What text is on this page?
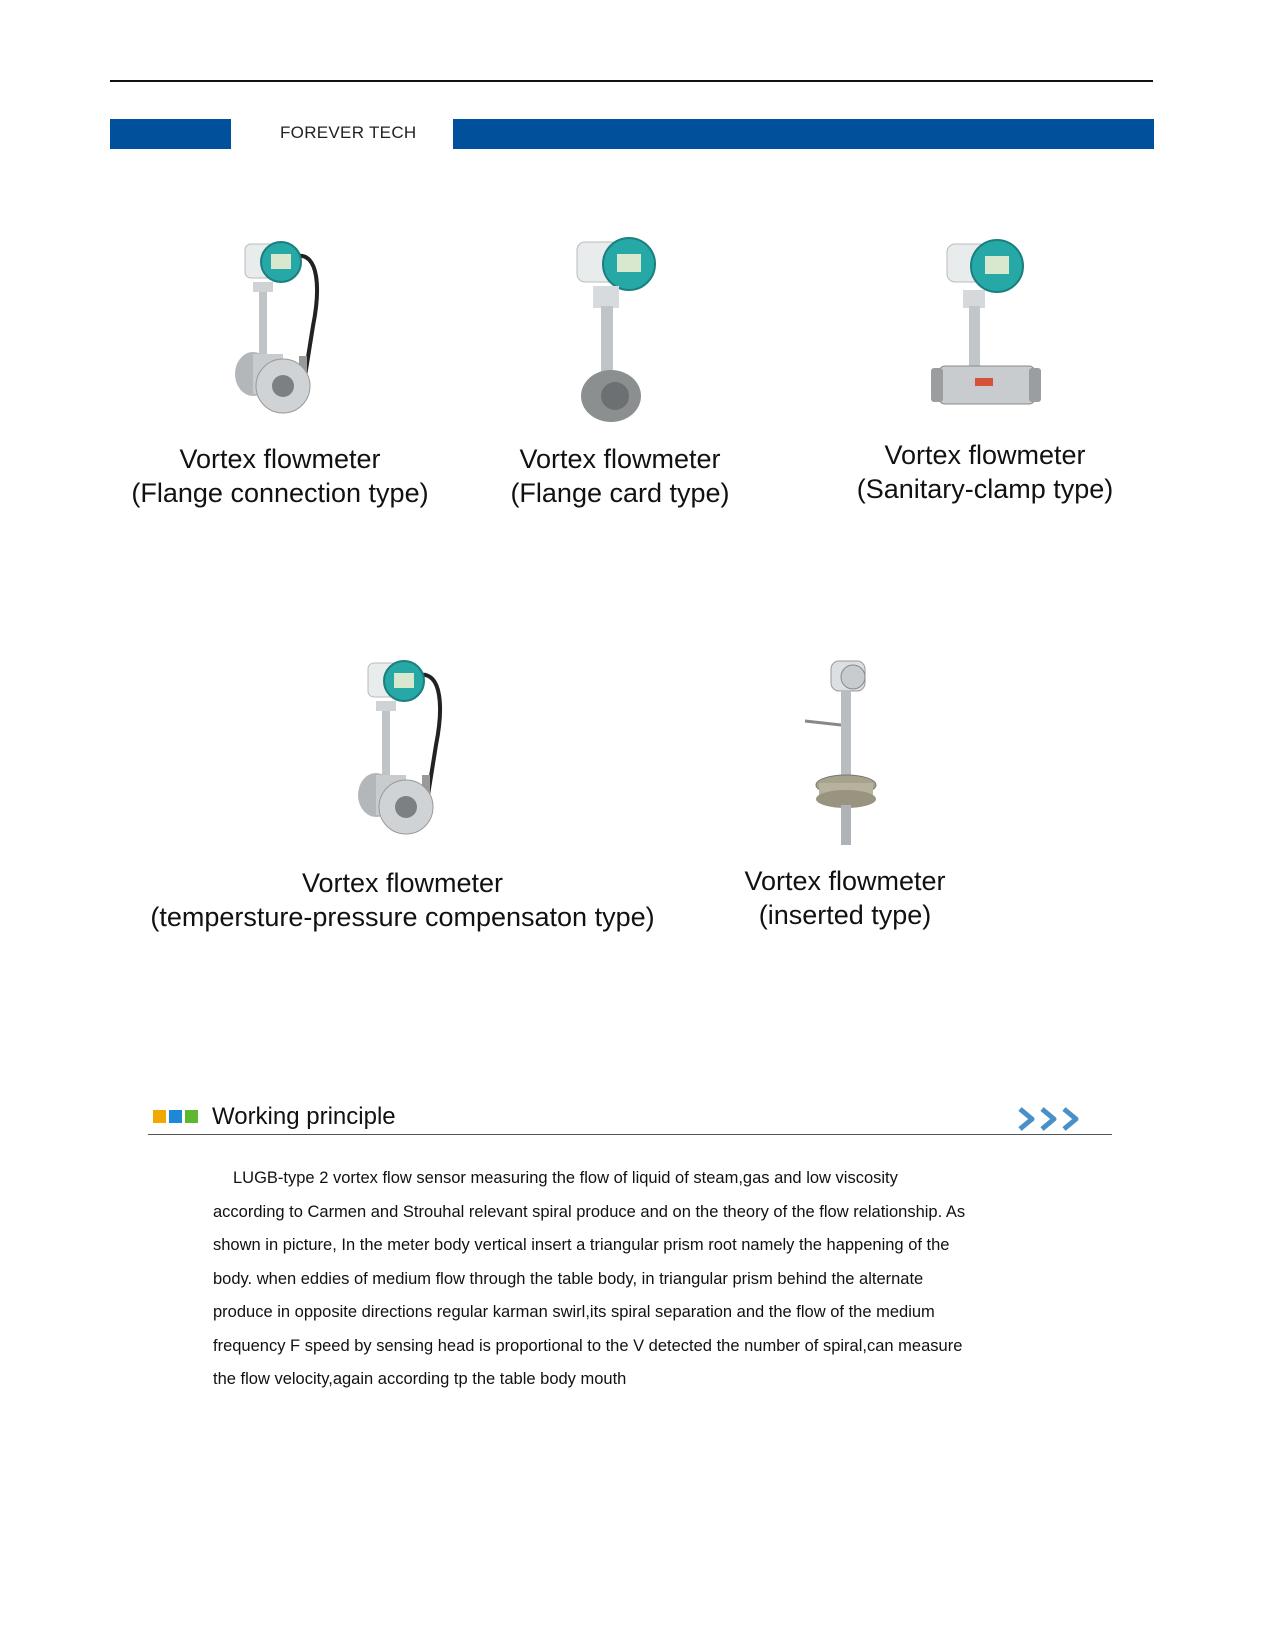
FOREVER TECH
Vortex flowmeter
(Flange connection type)
Vortex flowmeter
(Flange card type)
Vortex flowmeter
(Sanitary-clamp type)
Vortex flowmeter
(tempersture-pressure compensaton type)
Vortex flowmeter
(inserted type)
Working principle

LUGB-type 2 vortex flow sensor measuring the flow of liquid of steam,gas and low viscosity according to Carmen and Strouhal relevant spiral produce and on the theory of the flow relationship. As shown in picture, In the meter body vertical insert a triangular prism root namely the happening of the body. when eddies of medium flow through the table body, in triangular prism behind the alternate produce in opposite directions regular karman swirl,its spiral separation and the flow of the medium frequency F speed by sensing head is proportional to the V detected the number of spiral,can measure the flow velocity,again according tp the table body mouth
